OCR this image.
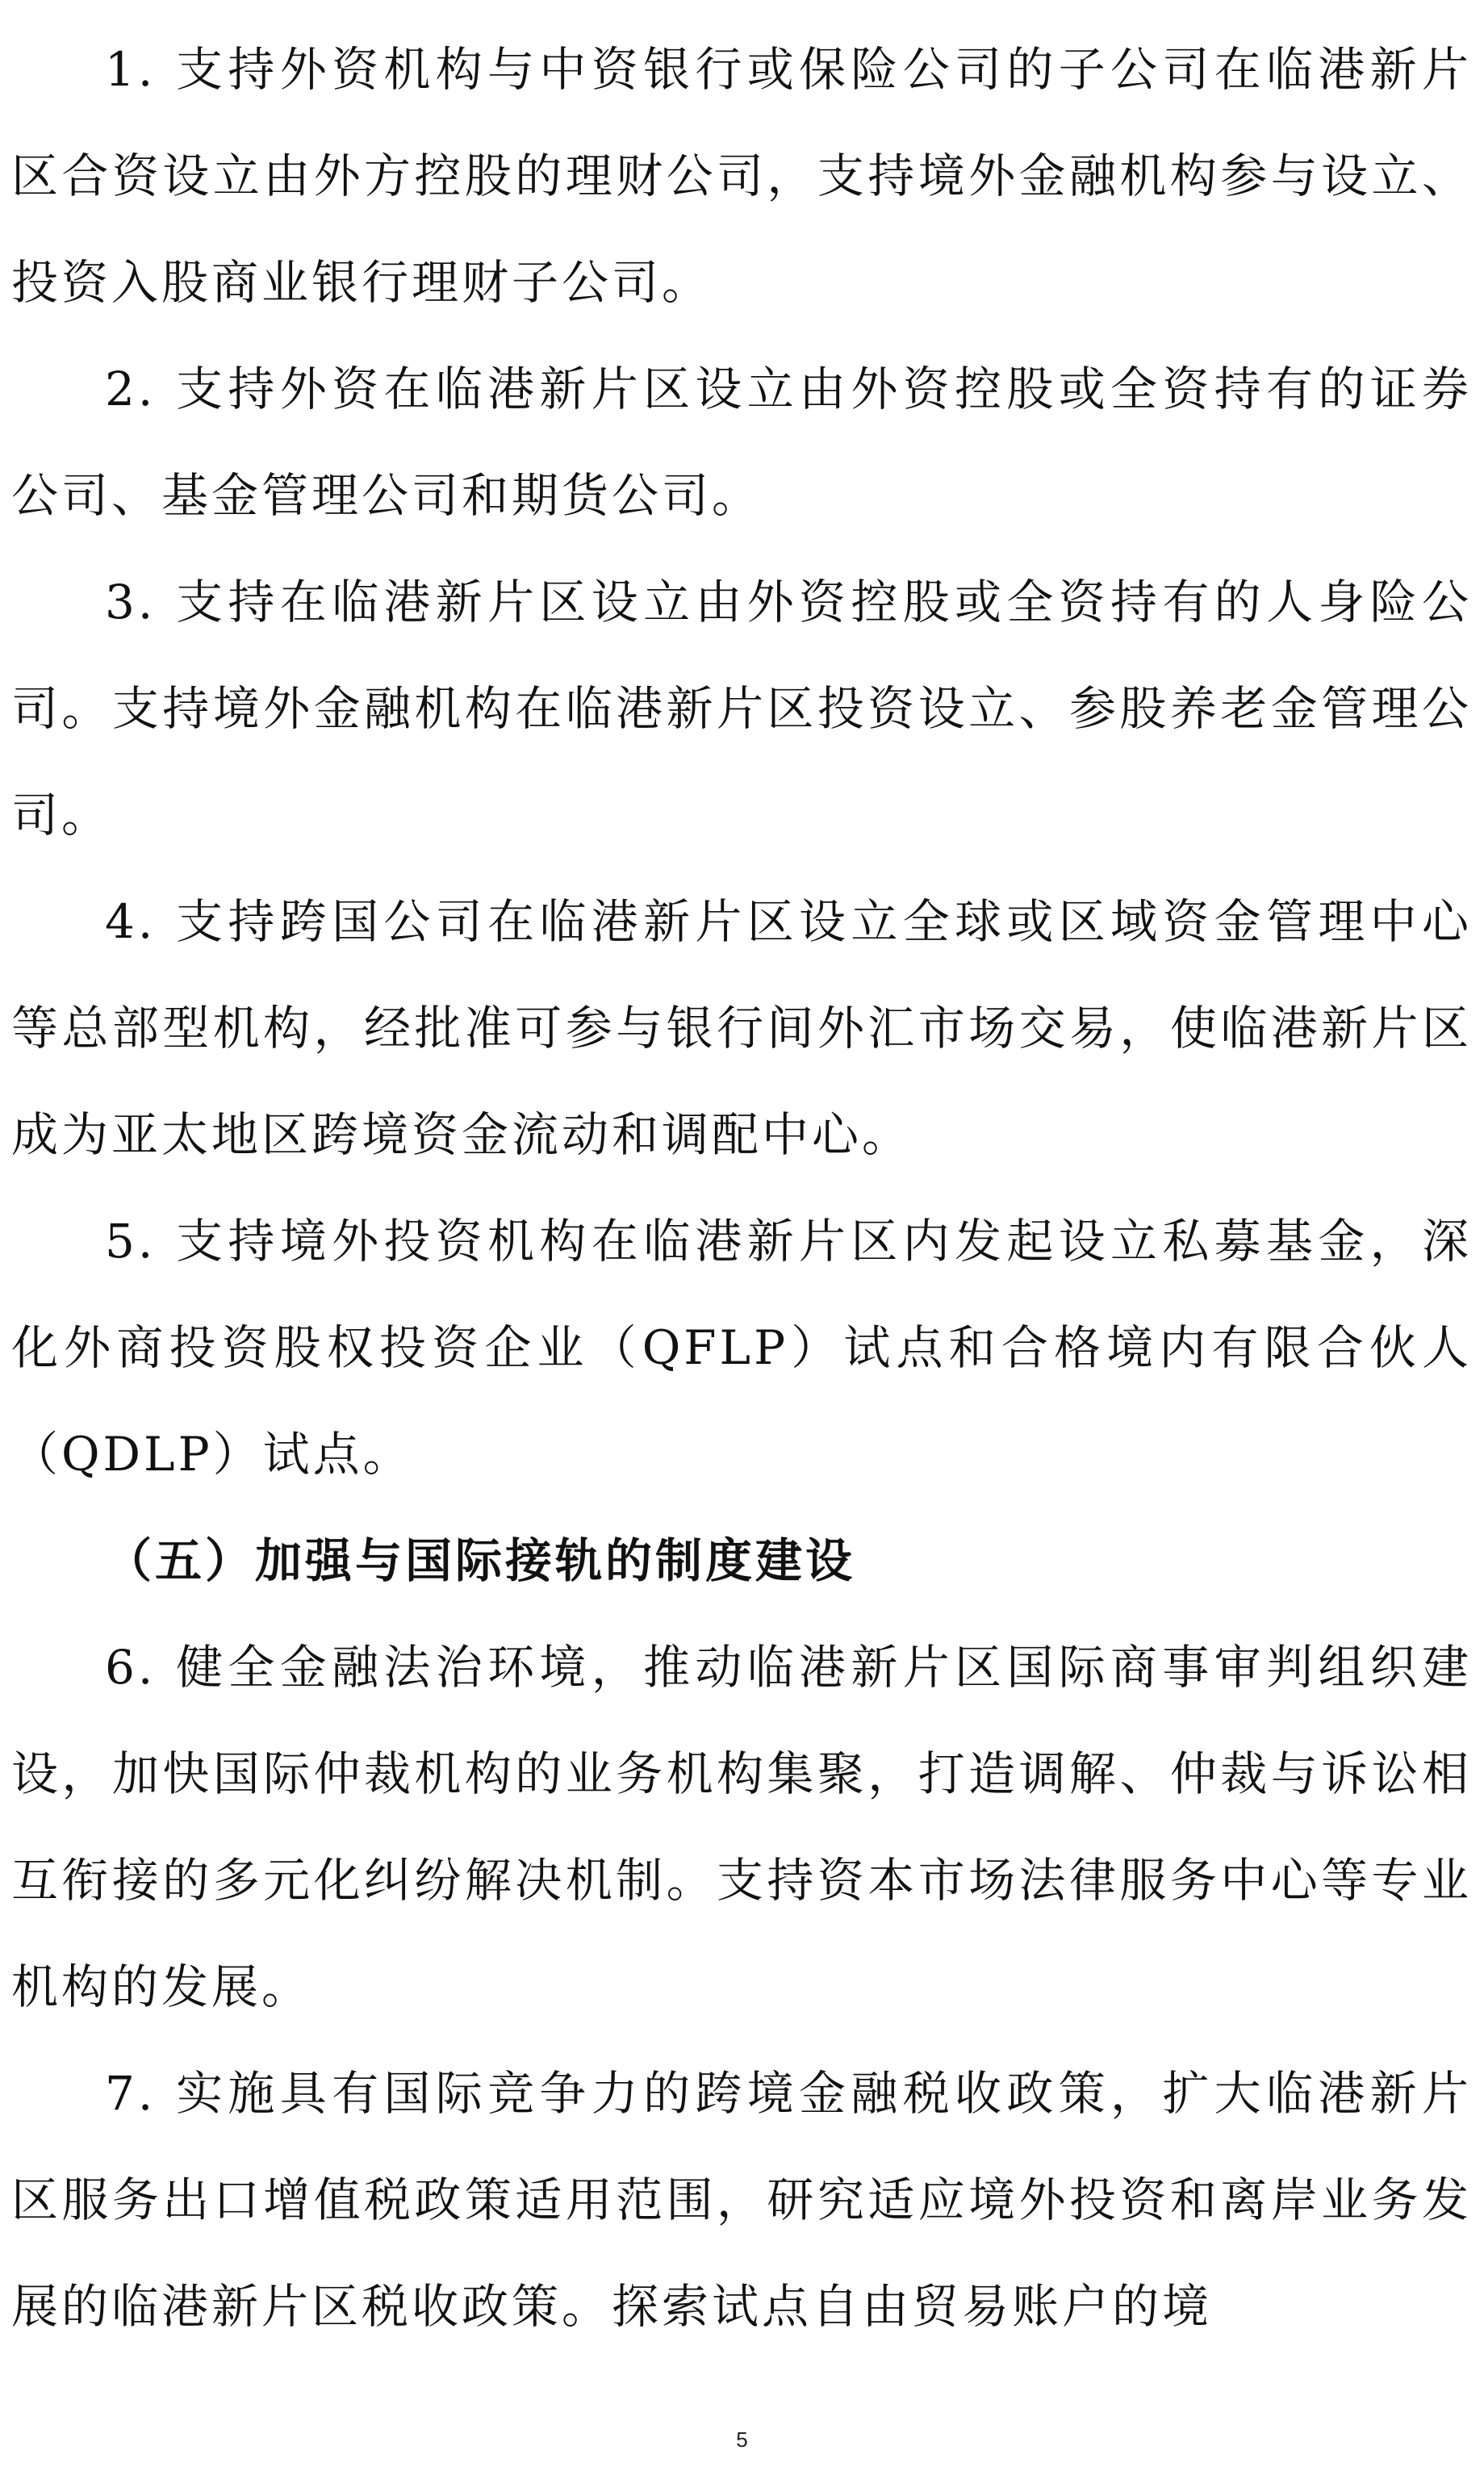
1. 支持外资机构与中资银行或保险公司的子公司在临港新片区合资设立由外方控股的理财公司，支持境外金融机构参与设立、投资入股商业银行理财子公司。

2. 支持外资在临港新片区设立由外资控股或全资持有的证券公司、基金管理公司和期货公司。

3. 支持在临港新片区设立由外资控股或全资持有的人身险公司。支持境外金融机构在临港新片区投资设立、参股养老金管理公司。

4. 支持跨国公司在临港新片区设立全球或区域资金管理中心等总部型机构，经批准可参与银行间外汇市场交易，使临港新片区成为亚太地区跨境资金流动和调配中心。

5. 支持境外投资机构在临港新片区内发起设立私募基金，深化外商投资股权投资企业（QFLP）试点和合格境内有限合伙人（QDLP）试点。

（五）加强与国际接轨的制度建设

6. 健全金融法治环境，推动临港新片区国际商事审判组织建设，加快国际仲裁机构的业务机构集聚，打造调解、仲裁与诉讼相互衔接的多元化纠纷解决机制。支持资本市场法律服务中心等专业机构的发展。

7. 实施具有国际竞争力的跨境金融税收政策，扩大临港新片区服务出口增值税政策适用范围，研究适应境外投资和离岸业务发展的临港新片区税收政策。探索试点自由贸易账户的境

5
